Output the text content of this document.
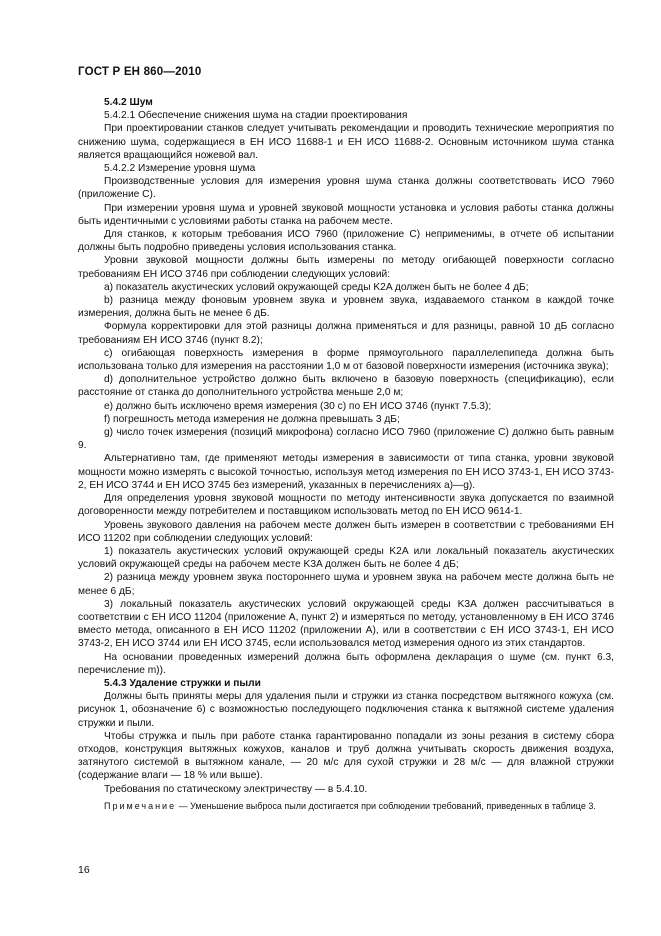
ГОСТ Р ЕН 860—2010

5.4.2 Шум

5.4.2.1 Обеспечение снижения шума на стадии проектирования

При проектировании станков следует учитывать рекомендации и проводить технические мероприятия по снижению шума, содержащиеся в ЕН ИСО 11688-1 и ЕН ИСО 11688-2. Основным источником шума станка является вращающийся ножевой вал.

5.4.2.2 Измерение уровня шума

Производственные условия для измерения уровня шума станка должны соответствовать ИСО 7960 (приложение С).

При измерении уровня шума и уровней звуковой мощности установка и условия работы станка должны быть идентичными с условиями работы станка на рабочем месте.

Для станков, к которым требования ИСО 7960 (приложение С) неприменимы, в отчете об испытании должны быть подробно приведены условия использования станка.

Уровни звуковой мощности должны быть измерены по методу огибающей поверхности согласно требованиям ЕН ИСО 3746 при соблюдении следующих условий:

a) показатель акустических условий окружающей среды K2A должен быть не более 4 дБ;

b) разница между фоновым уровнем звука и уровнем звука, издаваемого станком в каждой точке измерения, должна быть не менее 6 дБ.

Формула корректировки для этой разницы должна применяться и для разницы, равной 10 дБ согласно требованиям ЕН ИСО 3746 (пункт 8.2);

c) огибающая поверхность измерения в форме прямоугольного параллелепипеда должна быть использована только для измерения на расстоянии 1,0 м от базовой поверхности измерения (источника звука);

d) дополнительное устройство должно быть включено в базовую поверхность (спецификацию), если расстояние от станка до дополнительного устройства меньше 2,0 м;

e) должно быть исключено время измерения (30 с) по ЕН ИСО 3746 (пункт 7.5.3);

f) погрешность метода измерения не должна превышать 3 дБ;

g) число точек измерения (позиций микрофона) согласно ИСО 7960 (приложение С) должно быть равным 9.

Альтернативно там, где применяют методы измерения в зависимости от типа станка, уровни звуковой мощности можно измерять с высокой точностью, используя метод измерения по ЕН ИСО 3743-1, ЕН ИСО 3743-2, ЕН ИСО 3744 и ЕН ИСО 3745 без измерений, указанных в перечислениях a)—g).

Для определения уровня звуковой мощности по методу интенсивности звука допускается по взаимной договоренности между потребителем и поставщиком использовать метод по ЕН ИСО 9614-1.

Уровень звукового давления на рабочем месте должен быть измерен в соответствии с требованиями ЕН ИСО 11202 при соблюдении следующих условий:

1) показатель акустических условий окружающей среды K2A или локальный показатель акустических условий окружающей среды на рабочем месте K3A должен быть не более 4 дБ;

2) разница между уровнем звука постороннего шума и уровнем звука на рабочем месте должна быть не менее 6 дБ;

3) локальный показатель акустических условий окружающей среды K3A должен рассчитываться в соответствии с ЕН ИСО 11204 (приложение А, пункт 2) и измеряться по методу, установленному в ЕН ИСО 3746 вместо метода, описанного в ЕН ИСО 11202 (приложении А), или в соответствии с ЕН ИСО 3743-1, ЕН ИСО 3743-2, ЕН ИСО 3744 или ЕН ИСО 3745, если использовался метод измерения одного из этих стандартов.

На основании проведенных измерений должна быть оформлена декларация о шуме (см. пункт 6.3, перечисление m)).

5.4.3 Удаление стружки и пыли

Должны быть приняты меры для удаления пыли и стружки из станка посредством вытяжного кожуха (см. рисунок 1, обозначение 6) с возможностью последующего подключения станка к вытяжной системе удаления стружки и пыли.

Чтобы стружка и пыль при работе станка гарантированно попадали из зоны резания в систему сбора отходов, конструкция вытяжных кожухов, каналов и труб должна учитывать скорость движения воздуха, затянутого системой в вытяжном канале, — 20 м/с для сухой стружки и 28 м/с — для влажной стружки (содержание влаги — 18 % или выше).

Требования по статическому электричеству — в 5.4.10.

Примечание — Уменьшение выброса пыли достигается при соблюдении требований, приведенных в таблице 3.

16
